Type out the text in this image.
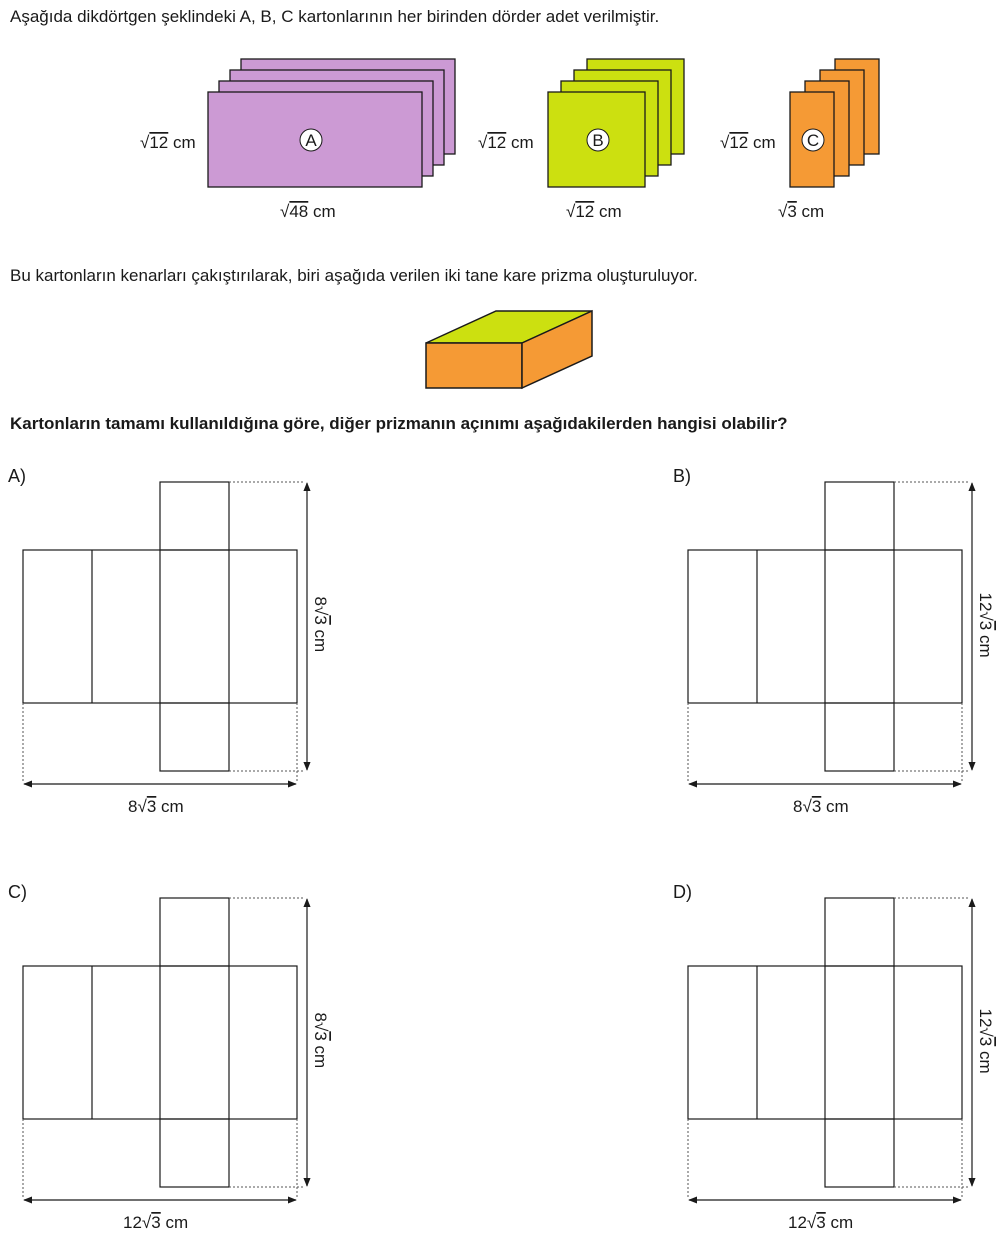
Aşağıda dikdörtgen şeklindeki A, B, C kartonlarının her birinden dörder adet verilmiştir.
Bu kartonların kenarları çakıştırılarak, biri aşağıda verilen iki tane kare prizma oluşturuluyor.
Kartonların tamamı kullanıldığına göre, diğer prizmanın açınımı aşağıdakilerden hangisi olabilir?
A
√12 cm
√48 cm
B
√12 cm
√12 cm
C
√12 cm
√3 cm
A)
8√3 cm
8√3 cm
B)
12√3 cm
8√3 cm
C)
8√3 cm
12√3 cm
D)
12√3 cm
12√3 cm
